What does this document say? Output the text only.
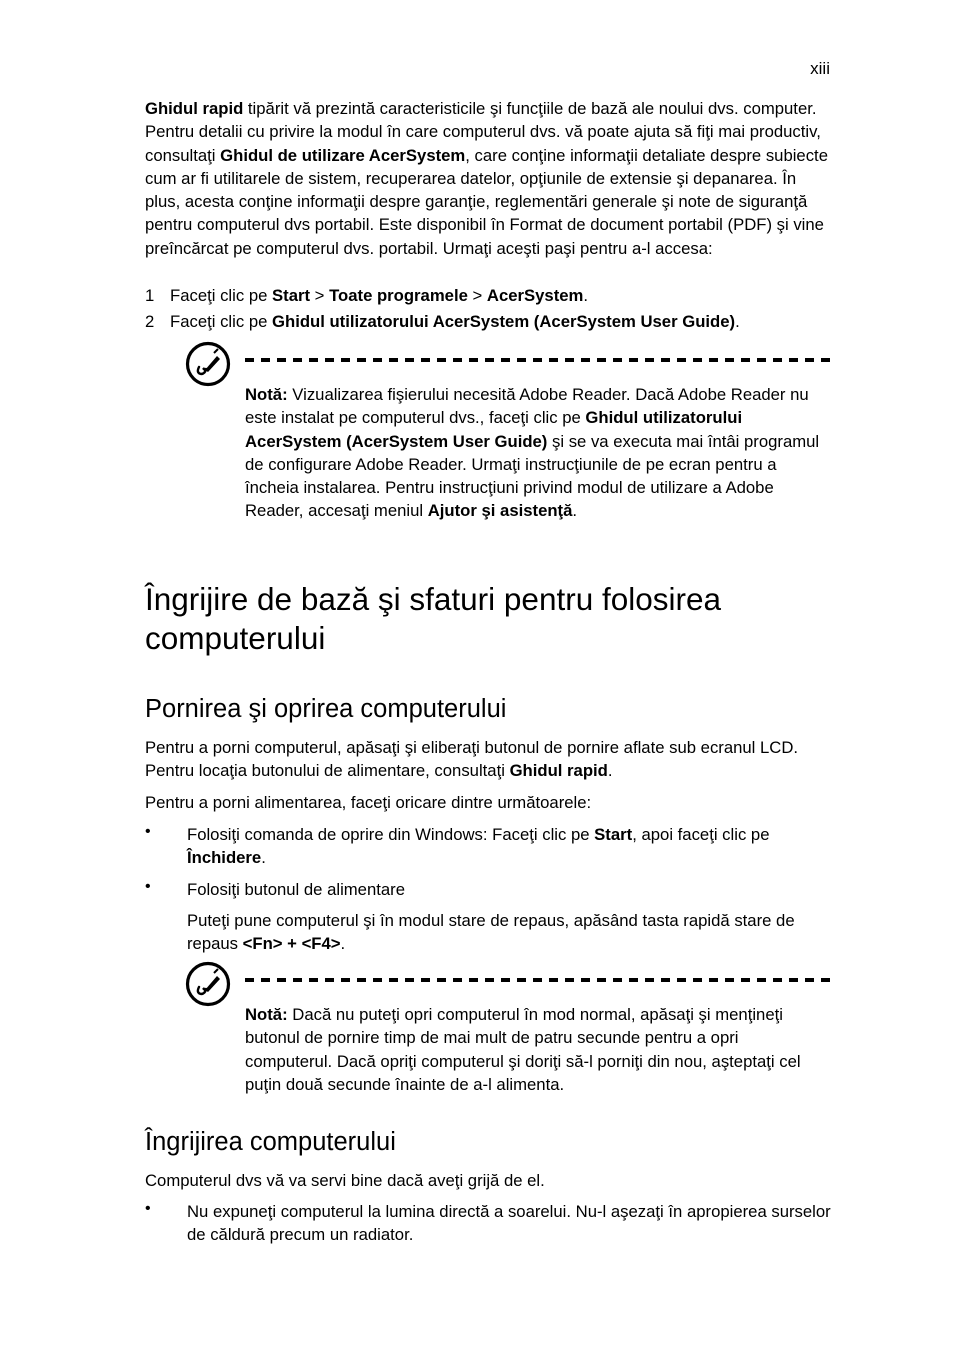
xiii

Ghidul rapid tipărit vă prezintă caracteristicile şi funcţiile de bază ale noului dvs. computer. Pentru detalii cu privire la modul în care computerul dvs. vă poate ajuta să fiţi mai productiv, consultaţi Ghidul de utilizare AcerSystem, care conţine informaţii detaliate despre subiecte cum ar fi utilitarele de sistem, recuperarea datelor, opţiunile de extensie şi depanarea. În plus, acesta conţine informaţii despre garanţie, reglementări generale şi note de siguranţă pentru computerul dvs portabil. Este disponibil în Format de document portabil (PDF) şi vine preîncărcat pe computerul dvs. portabil. Urmaţi aceşti paşi pentru a-l accesa:

1 Faceţi clic pe Start > Toate programele > AcerSystem.
2 Faceţi clic pe Ghidul utilizatorului AcerSystem (AcerSystem User Guide).

Notă: Vizualizarea fişierului necesită Adobe Reader. Dacă Adobe Reader nu este instalat pe computerul dvs., faceţi clic pe Ghidul utilizatorului AcerSystem (AcerSystem User Guide) şi se va executa mai întâi programul de configurare Adobe Reader. Urmaţi instrucţiunile de pe ecran pentru a încheia instalarea. Pentru instrucţiuni privind modul de utilizare a Adobe Reader, accesaţi meniul Ajutor şi asistenţă.

Îngrijire de bază şi sfaturi pentru folosirea computerului
Pornirea şi oprirea computerului

Pentru a porni computerul, apăsaţi şi eliberaţi butonul de pornire aflate sub ecranul LCD. Pentru locaţia butonului de alimentare, consultaţi Ghidul rapid.

Pentru a porni alimentarea, faceţi oricare dintre următoarele:

• Folosiţi comanda de oprire din Windows: Faceţi clic pe Start, apoi faceţi clic pe Închidere.

• Folosiţi butonul de alimentare

Puteţi pune computerul şi în modul stare de repaus, apăsând tasta rapidă stare de repaus <Fn> + <F4>.

Notă: Dacă nu puteţi opri computerul în mod normal, apăsaţi şi menţineţi butonul de pornire timp de mai mult de patru secunde pentru a opri computerul. Dacă opriţi computerul şi doriţi să-l porniţi din nou, aşteptaţi cel puţin două secunde înainte de a-l alimenta.

Îngrijirea computerului

Computerul dvs vă va servi bine dacă aveţi grijă de el.

• Nu expuneţi computerul la lumina directă a soarelui. Nu-l aşezaţi în apropierea surselor de căldură precum un radiator.
